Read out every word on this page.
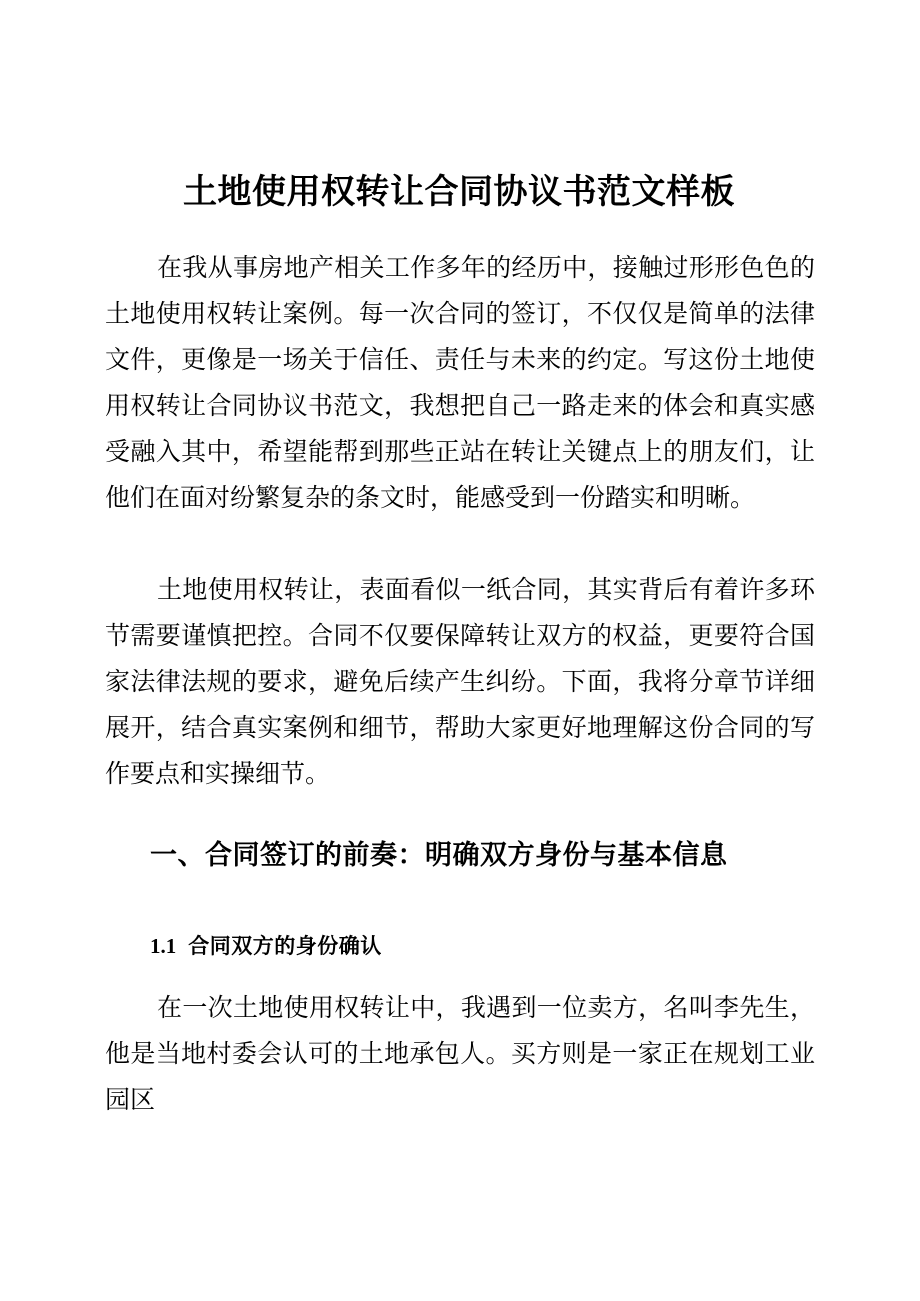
土地使用权转让合同协议书范文样板

在我从事房地产相关工作多年的经历中，接触过形形色色的土地使用权转让案例。每一次合同的签订，不仅仅是简单的法律文件，更像是一场关于信任、责任与未来的约定。写这份土地使用权转让合同协议书范文，我想把自己一路走来的体会和真实感受融入其中，希望能帮到那些正站在转让关键点上的朋友们，让他们在面对纷繁复杂的条文时，能感受到一份踏实和明晰。

土地使用权转让，表面看似一纸合同，其实背后有着许多环节需要谨慎把控。合同不仅要保障转让双方的权益，更要符合国家法律法规的要求，避免后续产生纠纷。下面，我将分章节详细展开，结合真实案例和细节，帮助大家更好地理解这份合同的写作要点和实操细节。

一、合同签订的前奏：明确双方身份与基本信息
1.1 合同双方的身份确认

在一次土地使用权转让中，我遇到一位卖方，名叫李先生，他是当地村委会认可的土地承包人。买方则是一家正在规划工业园区
